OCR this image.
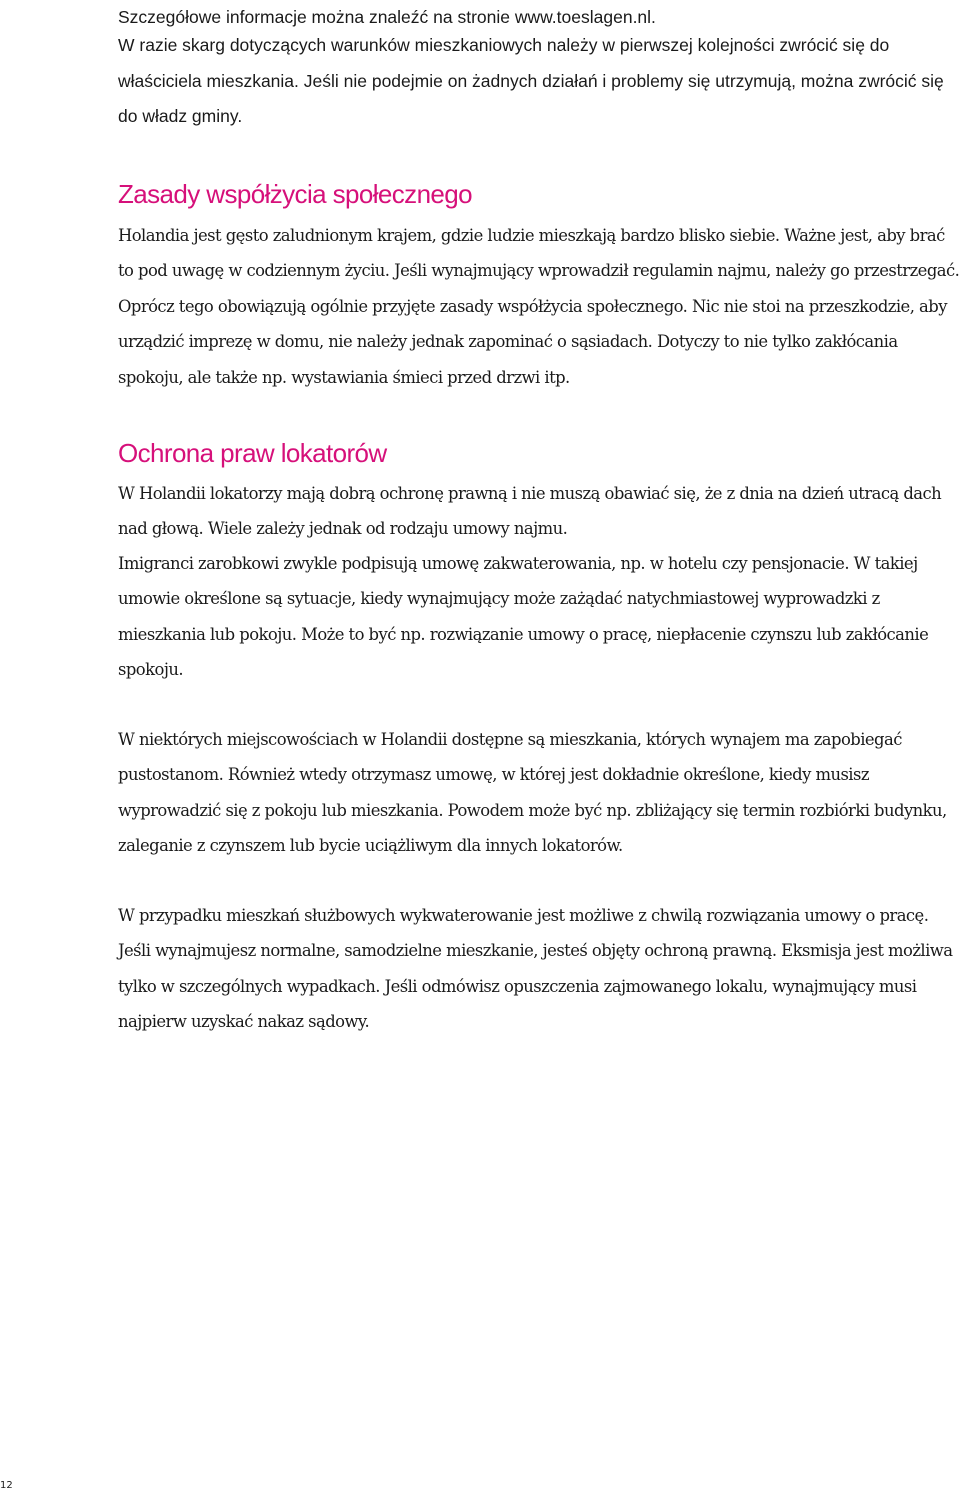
Szczegółowe informacje można znaleźć na stronie www.toeslagen.nl.

W razie skarg dotyczących warunków mieszkaniowych należy w pierwszej kolejności zwrócić się do właściciela mieszkania. Jeśli nie podejmie on żadnych działań i problemy się utrzymują, można zwrócić się do władz gminy.

Zasady współżycia społecznego

Holandia jest gęsto zaludnionym krajem, gdzie ludzie mieszkają bardzo blisko siebie. Ważne jest, aby brać to pod uwagę w codziennym życiu. Jeśli wynajmujący wprowadził regulamin najmu, należy go przestrzegać. Oprócz tego obowiązują ogólnie przyjęte zasady współżycia społecznego. Nic nie stoi na przeszkodzie, aby urządzić imprezę w domu, nie należy jednak zapominać o sąsiadach. Dotyczy to nie tylko zakłócania spokoju, ale także np. wystawiania śmieci przed drzwi itp.

Ochrona praw lokatorów

W Holandii lokatorzy mają dobrą ochronę prawną i nie muszą obawiać się, że z dnia na dzień utracą dach nad głową. Wiele zależy jednak od rodzaju umowy najmu.

Imigranci zarobkowi zwykle podpisują umowę zakwaterowania, np. w hotelu czy pensjonacie. W takiej umowie określone są sytuacje, kiedy wynajmujący może zażądać natychmiastowej wyprowadzki z mieszkania lub pokoju. Może to być np. rozwiązanie umowy o pracę, niepłacenie czynszu lub zakłócanie spokoju.

W niektórych miejscowościach w Holandii dostępne są mieszkania, których wynajem ma zapobiegać pustostanom. Również wtedy otrzymasz umowę, w której jest dokładnie określone, kiedy musisz wyprowadzić się z pokoju lub mieszkania. Powodem może być np. zbliżający się termin rozbiórki budynku, zaleganie z czynszem lub bycie uciążliwym dla innych lokatorów.

W przypadku mieszkań służbowych wykwaterowanie jest możliwe z chwilą rozwiązania umowy o pracę. Jeśli wynajmujesz normalne, samodzielne mieszkanie, jesteś objęty ochroną prawną. Eksmisja jest możliwa tylko w szczególnych wypadkach. Jeśli odmówisz opuszczenia zajmowanego lokalu, wynajmujący musi najpierw uzyskać nakaz sądowy.

12
